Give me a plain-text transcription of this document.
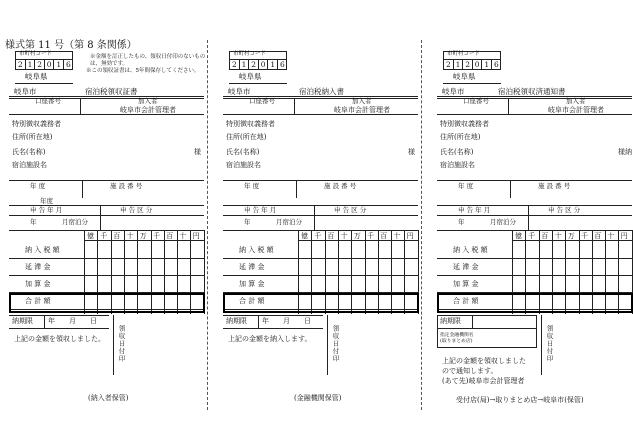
様式第 11 号（第 8 条関係）
※金額を訂正したもの、領収日付印のないもの
は、無効です。
※この領収証書は、5年間保存してください。
市町村コード
2 1 2 0 1 6
岐阜県
岐阜市	宿泊税領収証書
口座番号	加入者
岐阜市会計管理者
特別徴収義務者
住所(所在地)
氏名(名称)	様
宿泊施設名
年 度	施 設 番 号
年度
申 告 年 月	申 告 区 分
年	月宿泊分
億 千 百 十 万 千 百 十 円
納 入 税 額
延 滞 金
加 算 金
合 計 額
納期限 年　　月　　日
領収日付印
上記の金額を領収しました。
(納入者保管)
市町村コード
2 1 2 0 1 6
岐阜県
岐阜市	宿泊税納入書
口座番号	加入者
岐阜市会計管理者
特別徴収義務者
住所(所在地)
氏名(名称)	様
宿泊施設名
年 度	施 設 番 号
申 告 年 月	申 告 区 分
年	月宿泊分
億 千 百 十 万 千 百 十 円
納 入 税 額
延 滞 金
加 算 金
合 計 額
納期限 年　　月　　日
領収日付印
上記の金額を納入します。
(金融機関保管)
市町村コード
2 1 2 0 1 6
岐阜県
岐阜市	宿泊税領収済通知書
口座番号	加入者
岐阜市会計管理者
特別徴収義務者
住所(所在地)
氏名(名称)	様納
宿泊施設名
年 度	施 設 番 号
申 告 年 月	申 告 区 分
年	月宿泊分
億 千 百 十 万 千 百 十 円
納 入 税 額
延 滞 金
加 算 金
合 計 額
納期限
指定金融機関名
(取りまとめ店)	領収日付印
上記の金額を領収しました
ので通知します。
(あて先)岐阜市会計管理者
受付店(局)→取りまとめ店→岐阜市(保管)
